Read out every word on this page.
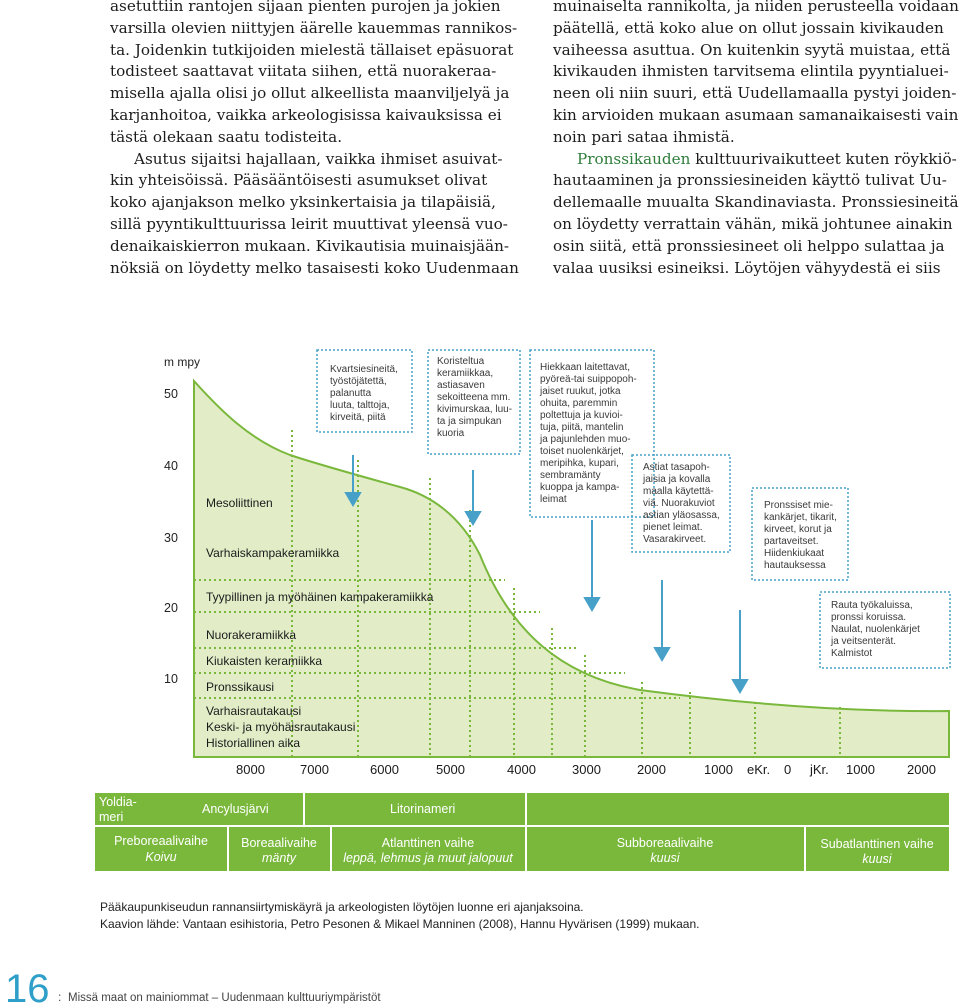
asetuttiin rantojen sijaan pienten purojen ja jokien

varsilla olevien niittyjen äärelle kauemmas rannikos-

ta. Joidenkin tutkijoiden mielestä tällaiset epäsuorat

todisteet saattavat viitata siihen, että nuorakeraa-

misella ajalla olisi jo ollut alkeellista maanviljelyä ja

karjanhoitoa, vaikka arkeologisissa kaivauksissa ei

tästä olekaan saatu todisteita.

Asutus sijaitsi hajallaan, vaikka ihmiset asuivat-

kin yhteisöissä. Pääsääntöisesti asumukset olivat

koko ajanjakson melko yksinkertaisia ja tilapäisiä,

sillä pyyntikulttuurissa leirit muuttivat yleensä vuo-

denaikaiskierron mukaan. Kivikautisia muinaisjään-

nöksiä on löydetty melko tasaisesti koko Uudenmaan

muinaiselta rannikolta, ja niiden perusteella voidaan

päätellä, että koko alue on ollut jossain kivikauden

vaiheessa asuttua. On kuitenkin syytä muistaa, että

kivikauden ihmisten tarvitsema elintila pyyntialuei-

neen oli niin suuri, että Uudellamaalla pystyi joiden-

kin arvioiden mukaan asumaan samanaikaisesti vain

noin pari sataa ihmistä.

Pronssikauden kulttuurivaikutteet kuten röykkiö-

hautaaminen ja pronssiesineiden käyttö tulivat Uu-

dellemaalle muualta Skandinaviasta. Pronssiesineitä

on löydetty verrattain vähän, mikä johtunee ainakin

osin siitä, että pronssiesineet oli helppo sulattaa ja

valaa uusiksi esineiksi. Löytöjen vähyydestä ei siis

m mpy
50
40
30
20
10
Mesoliittinen
Varhaiskampakeramiikka
Tyypillinen ja myöhäinen kampakeramiikka
Nuorakeramiikka
Kiukaisten keramiikka
Pronssikausi
Varhaisrautakausi
Keski- ja myöhäisrautakausi
Historiallinen aika
8000	7000	6000	5000	4000	3000	2000	1000 eKr. 0 jKr. 1000 2000
Kvartsiesineitä, työstöjätettä, palanutta luuta, talttoja, kirveitä, piitä
Koristeltua keramiikkaa, astiasaven sekoitteena mm. kivimurskaa, luu- ta ja simpukan kuoria
Hiekkaan laitettavat, pyöreä-tai suippopoh- jaiset ruukut, jotka ohuita, paremmin poltettuja ja kuvioi- tuja, piitä, mantelin ja pajunlehden muo- toiset nuolenkärjet, meripihka, kupari, sembramänty kuoppa ja kampa- leimat
Astiat tasapoh- jaisia ja kovalla maalla käytettä- viä. Nuorakuviot astian yläosassa, pienet leimat. Vasarakirveet.
Pronssiset mie- kankärjet, tikarit, kirveet, korut ja partaveitset. Hiidenkiukaat hautauksessa
Rauta työkaluissa, pronssi koruissa. Naulat, nuolenkärjet ja veitsenterät. Kalmistot
Yoldia- meri
Ancylusjärvi	Litorinameri
Preboreaalivaihe
Koivu
Boreaalivaihe
mänty
Atlanttinen vaihe
leppä, lehmus ja muut jalopuut
Subboreaalivaihe
kuusi
Subatlanttinen vaihe
kuusi
Pääkaupunkiseudun rannansiirtymiskäyrä ja arkeologisten löytöjen luonne eri ajanjaksoina.
Kaavion lähde: Vantaan esihistoria, Petro Pesonen & Mikael Manninen (2008), Hannu Hyvärisen (1999) mukaan.
16 : Missä maat on mainiommat – Uudenmaan kulttuuriympäristöt
